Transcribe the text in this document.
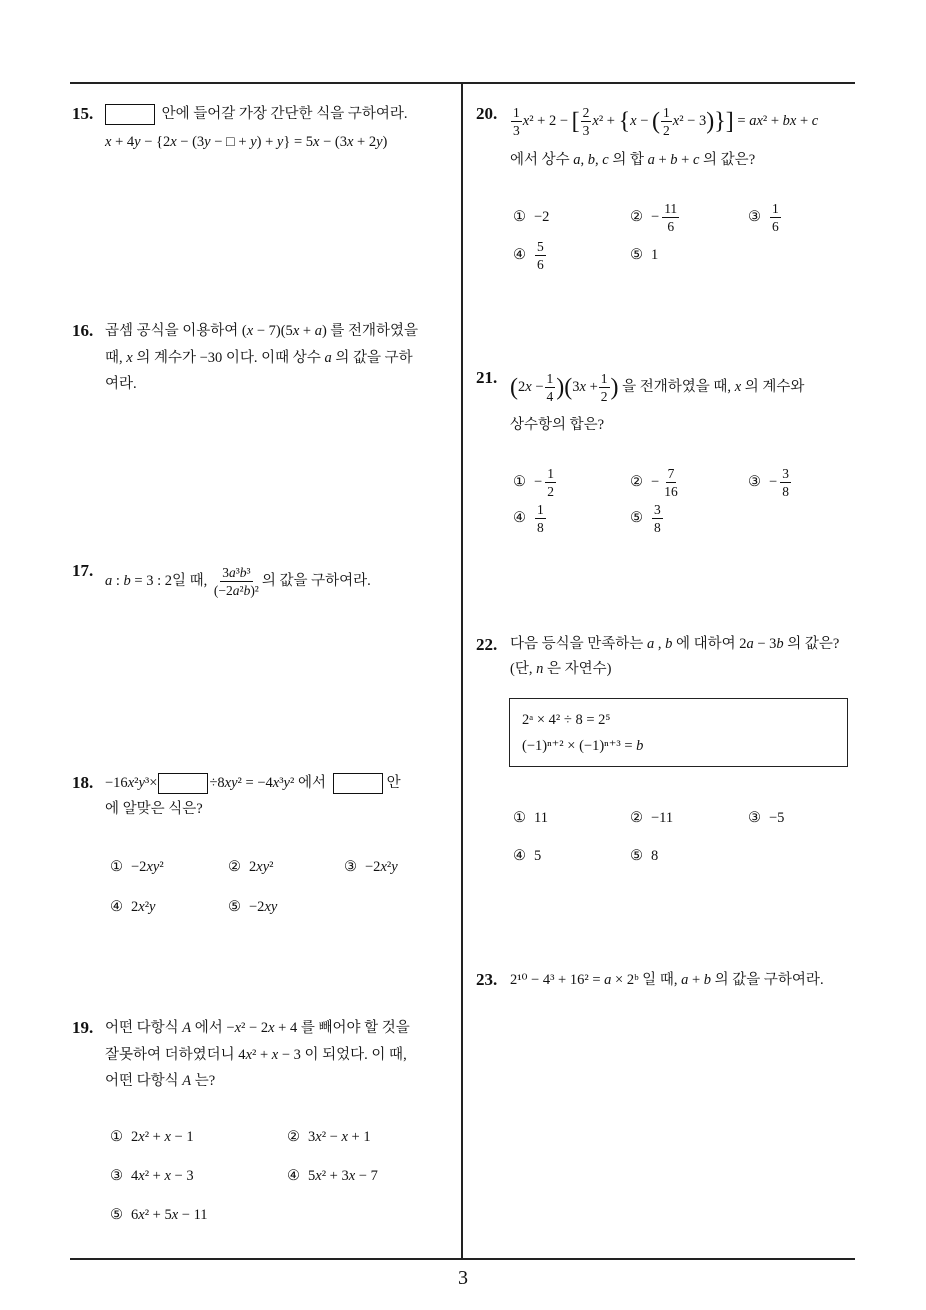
15.	안에 들어갈 가장 간단한 식을 구하여라.
x + 4y − {2x − (3y − □ + y) + y} = 5x − (3x + 2y)
16. 곱셈 공식을 이용하여 (x − 7)(5x + a) 를 전개하였을
때, x 의 계수가 −30 이다. 이때 상수 a 의 값을 구하
여라.
17.
a : b = 3 : 2일 때, $\frac{\text{3a³b³}}{\text{(−2a²b)²}}$ 의 값을 구하여라.
18. −16x²y³×	÷8xy² = −4x³y² 에서	안
에 알맞은 식은?
① −2xy²	② 2xy²	③ −2x²y
④ 2x²y	⑤ −2xy
19. 어떤 다항식 A 에서 −x² − 2x + 4 를 빼어야 할 것을
잘못하여 더하였더니 4x² + x − 3 이 되었다. 이 때,
어떤 다항식 A 는?
① 2x² + x − 1	② 3x² − x + 1
③ 4x² + x − 3	④ 5x² + 3x − 7
⑤ 6x² + 5x − 11
20. $\frac{1}{3} x^2 + 2$ − [ $\frac{2}{3} x^2 + \{x$ − ( $\frac{1}{2} x^2 - 3)\}] = ax^2$ + bx + c
에서 상수 a, b, c 의 합 a + b + c 의 값은?
① −2	② − $\frac{11}{6}$	③ $\frac{1}{6}$
④ $\frac{5}{6}$	⑤ 1
21. $(2x - \frac{1}{4} )(3x + \frac{1}{2}$ ) 을 전개하였을 때, x 의 계수와
상수항의 합은?
① − $\frac{1}{2}$	② − $\frac{7}{16}$	③ − $\frac{3}{8}$
④ $\frac{1}{8}$	⑤ $\frac{3}{8}$
22. 다음 등식을 만족하는 a , b 에 대하여 2a − 3b 의 값은?
(단, n 은 자연수)
2ᵃ × 4² ÷ 8 = 2⁵
(−1)ⁿ⁺² × (−1)ⁿ⁺³ = b
① 11	② −11	③ −5
④ 5	⑤ 8
23. 2¹⁰ − 4³ + 16² = a × 2ᵇ 일 때, a + b 의 값을 구하여라.
3
